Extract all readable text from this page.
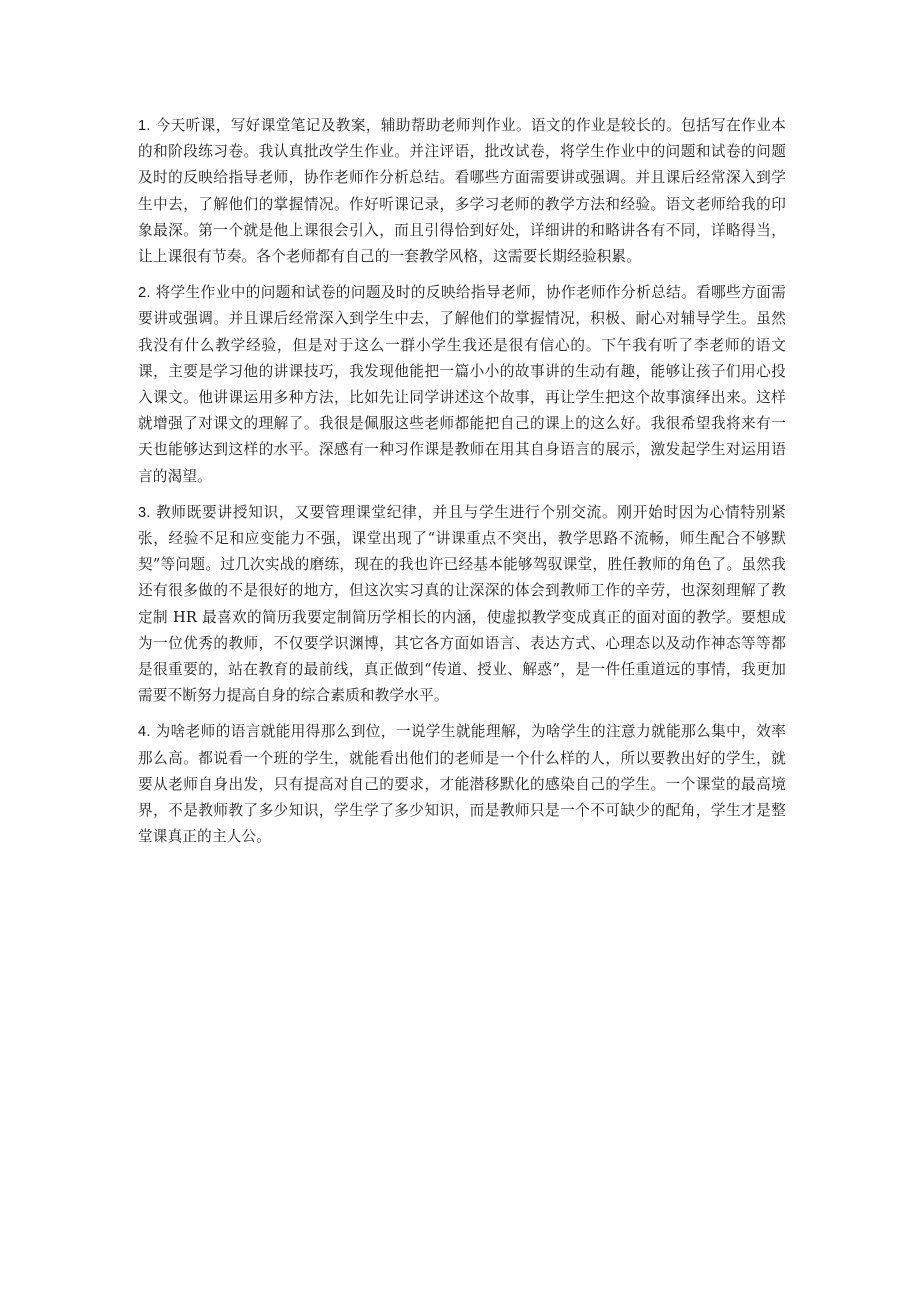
1. 今天听课，写好课堂笔记及教案，辅助帮助老师判作业。语文的作业是较长的。包括写在作业本的和阶段练习卷。我认真批改学生作业。并注评语，批改试卷，将学生作业中的问题和试卷的问题及时的反映给指导老师，协作老师作分析总结。看哪些方面需要讲或强调。并且课后经常深入到学生中去，了解他们的掌握情况。作好听课记录，多学习老师的教学方法和经验。语文老师给我的印象最深。第一个就是他上课很会引入，而且引得恰到好处，详细讲的和略讲各有不同，详略得当，让上课很有节奏。各个老师都有自己的一套教学风格，这需要长期经验积累。

2. 将学生作业中的问题和试卷的问题及时的反映给指导老师，协作老师作分析总结。看哪些方面需要讲或强调。并且课后经常深入到学生中去，了解他们的掌握情况，积极、耐心对辅导学生。虽然我没有什么教学经验，但是对于这么一群小学生我还是很有信心的。下午我有听了李老师的语文课，主要是学习他的讲课技巧，我发现他能把一篇小小的故事讲的生动有趣，能够让孩子们用心投入课文。他讲课运用多种方法，比如先让同学讲述这个故事，再让学生把这个故事演绎出来。这样就增强了对课文的理解了。我很是佩服这些老师都能把自己的课上的这么好。我很希望我将来有一天也能够达到这样的水平。深感有一种习作课是教师在用其自身语言的展示，激发起学生对运用语言的渴望。

3. 教师既要讲授知识，又要管理课堂纪律，并且与学生进行个别交流。刚开始时因为心情特别紧张，经验不足和应变能力不强，课堂出现了“讲课重点不突出，教学思路不流畅，师生配合不够默契”等问题。过几次实战的磨练，现在的我也许已经基本能够驾驭课堂，胜任教师的角色了。虽然我还有很多做的不是很好的地方，但这次实习真的让深深的体会到教师工作的辛劳，也深刻理解了教定制 HR 最喜欢的简历我要定制简历学相长的内涵，使虚拟教学变成真正的面对面的教学。要想成为一位优秀的教师，不仅要学识渊博，其它各方面如语言、表达方式、心理态以及动作神态等等都是很重要的，站在教育的最前线，真正做到“传道、授业、解惑”，是一件任重道远的事情，我更加需要不断努力提高自身的综合素质和教学水平。

4. 为啥老师的语言就能用得那么到位，一说学生就能理解，为啥学生的注意力就能那么集中，效率那么高。都说看一个班的学生，就能看出他们的老师是一个什么样的人，所以要教出好的学生，就要从老师自身出发，只有提高对自己的要求，才能潜移默化的感染自己的学生。一个课堂的最高境界，不是教师教了多少知识，学生学了多少知识，而是教师只是一个不可缺少的配角，学生才是整堂课真正的主人公。
